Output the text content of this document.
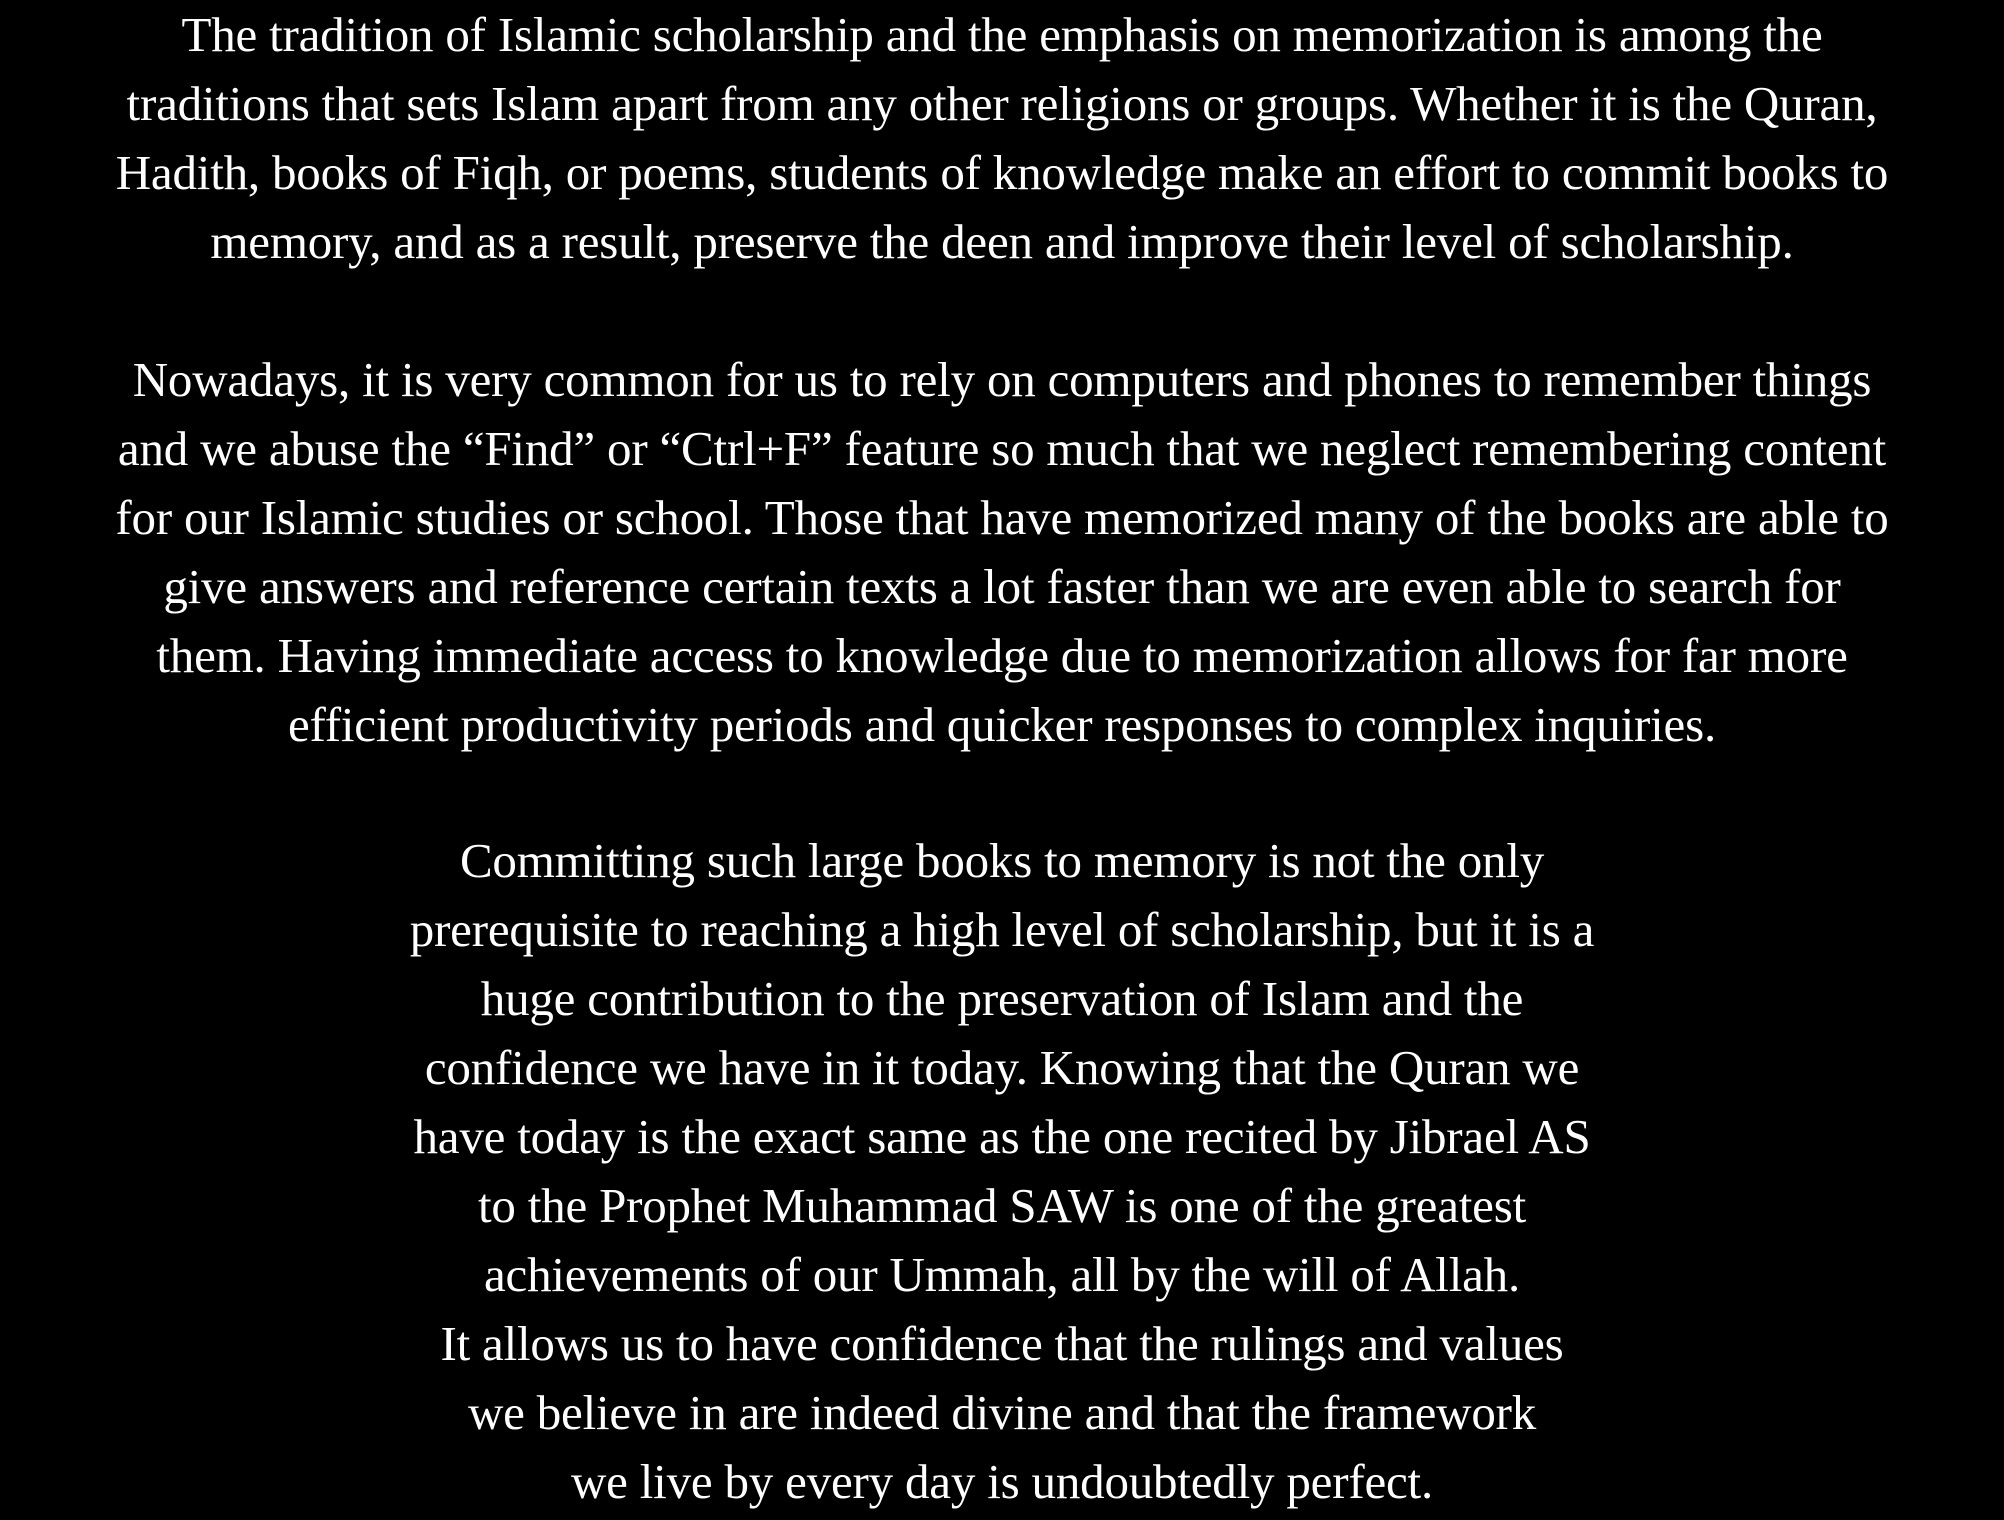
The tradition of Islamic scholarship and the emphasis on memorization is among the
traditions that sets Islam apart from any other religions or groups. Whether it is the Quran,
Hadith, books of Fiqh, or poems, students of knowledge make an effort to commit books to
memory, and as a result, preserve the deen and improve their level of scholarship.

Nowadays, it is very common for us to rely on computers and phones to remember things
and we abuse the “Find” or “Ctrl+F” feature so much that we neglect remembering content
for our Islamic studies or school. Those that have memorized many of the books are able to
give answers and reference certain texts a lot faster than we are even able to search for
them. Having immediate access to knowledge due to memorization allows for far more
efficient productivity periods and quicker responses to complex inquiries.

Committing such large books to memory is not the only
prerequisite to reaching a high level of scholarship, but it is a
huge contribution to the preservation of Islam and the
confidence we have in it today. Knowing that the Quran we
have today is the exact same as the one recited by Jibrael AS
to the Prophet Muhammad SAW is one of the greatest
achievements of our Ummah, all by the will of Allah.
It allows us to have confidence that the rulings and values
we believe in are indeed divine and that the framework
we live by every day is undoubtedly perfect.
